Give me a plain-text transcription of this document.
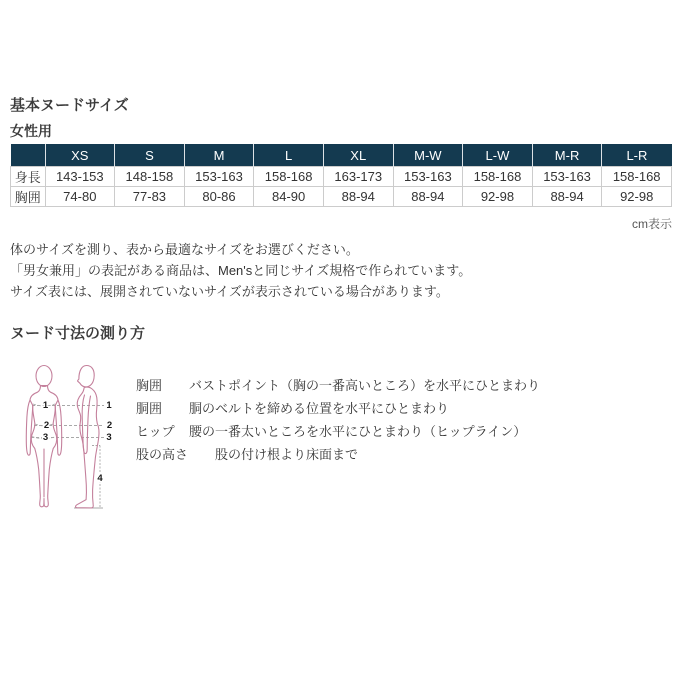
基本ヌードサイズ
女性用
	XS	S	M	L	XL	M-W	L-W	M-R	L-R
身長	143-153	148-158	153-163	158-168	163-173	153-163	158-168	153-163	158-168
胸囲	74-80	77-83	80-86	84-90	88-94	88-94	92-98	88-94	92-98
cm表示
体のサイズを測り、表から最適なサイズをお選びください。
「男女兼用」の表記がある商品は、Men'sと同じサイズ規格で作られています。
サイズ表には、展開されていないサイズが表示されている場合があります。
ヌード寸法の測り方
1
2
3
1
2
3
4
胸囲 バストポイント（胸の一番高いところ）を水平にひとまわり
胴囲 胴のベルトを締める位置を水平にひとまわり
ヒップ 腰の一番太いところを水平にひとまわり（ヒップライン）
股の高さ 股の付け根より床面まで
